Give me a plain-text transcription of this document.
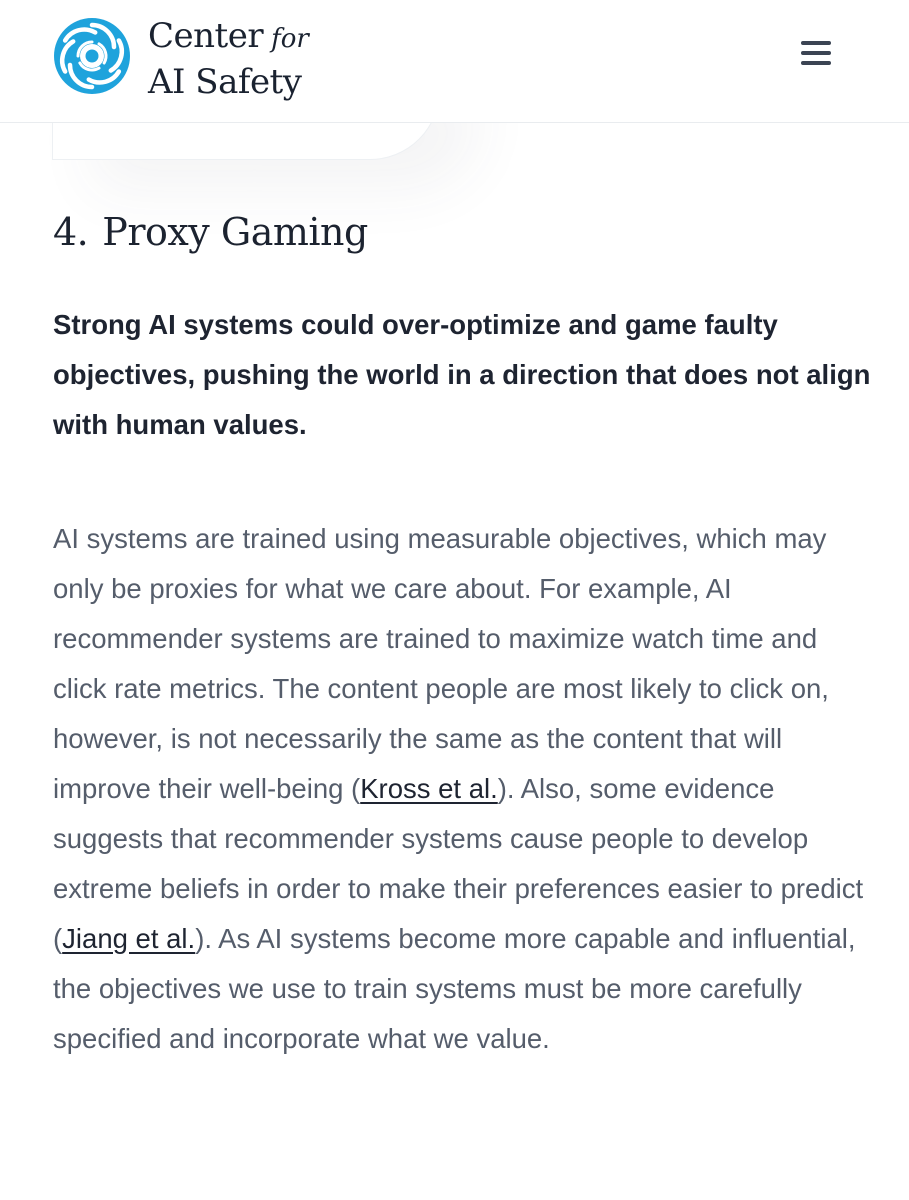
Center for
AI Safety
4. Proxy Gaming

Strong AI systems could over-optimize and game faulty objectives, pushing the world in a direction that does not align with human values.

AI systems are trained using measurable objectives, which may only be proxies for what we care about. For example, AI recommender systems are trained to maximize watch time and click rate metrics. The content people are most likely to click on, however, is not necessarily the same as the content that will improve their well-being (Kross et al.). Also, some evidence suggests that recommender systems cause people to develop extreme beliefs in order to make their preferences easier to predict (Jiang et al.). As AI systems become more capable and influential, the objectives we use to train systems must be more carefully specified and incorporate what we value.
